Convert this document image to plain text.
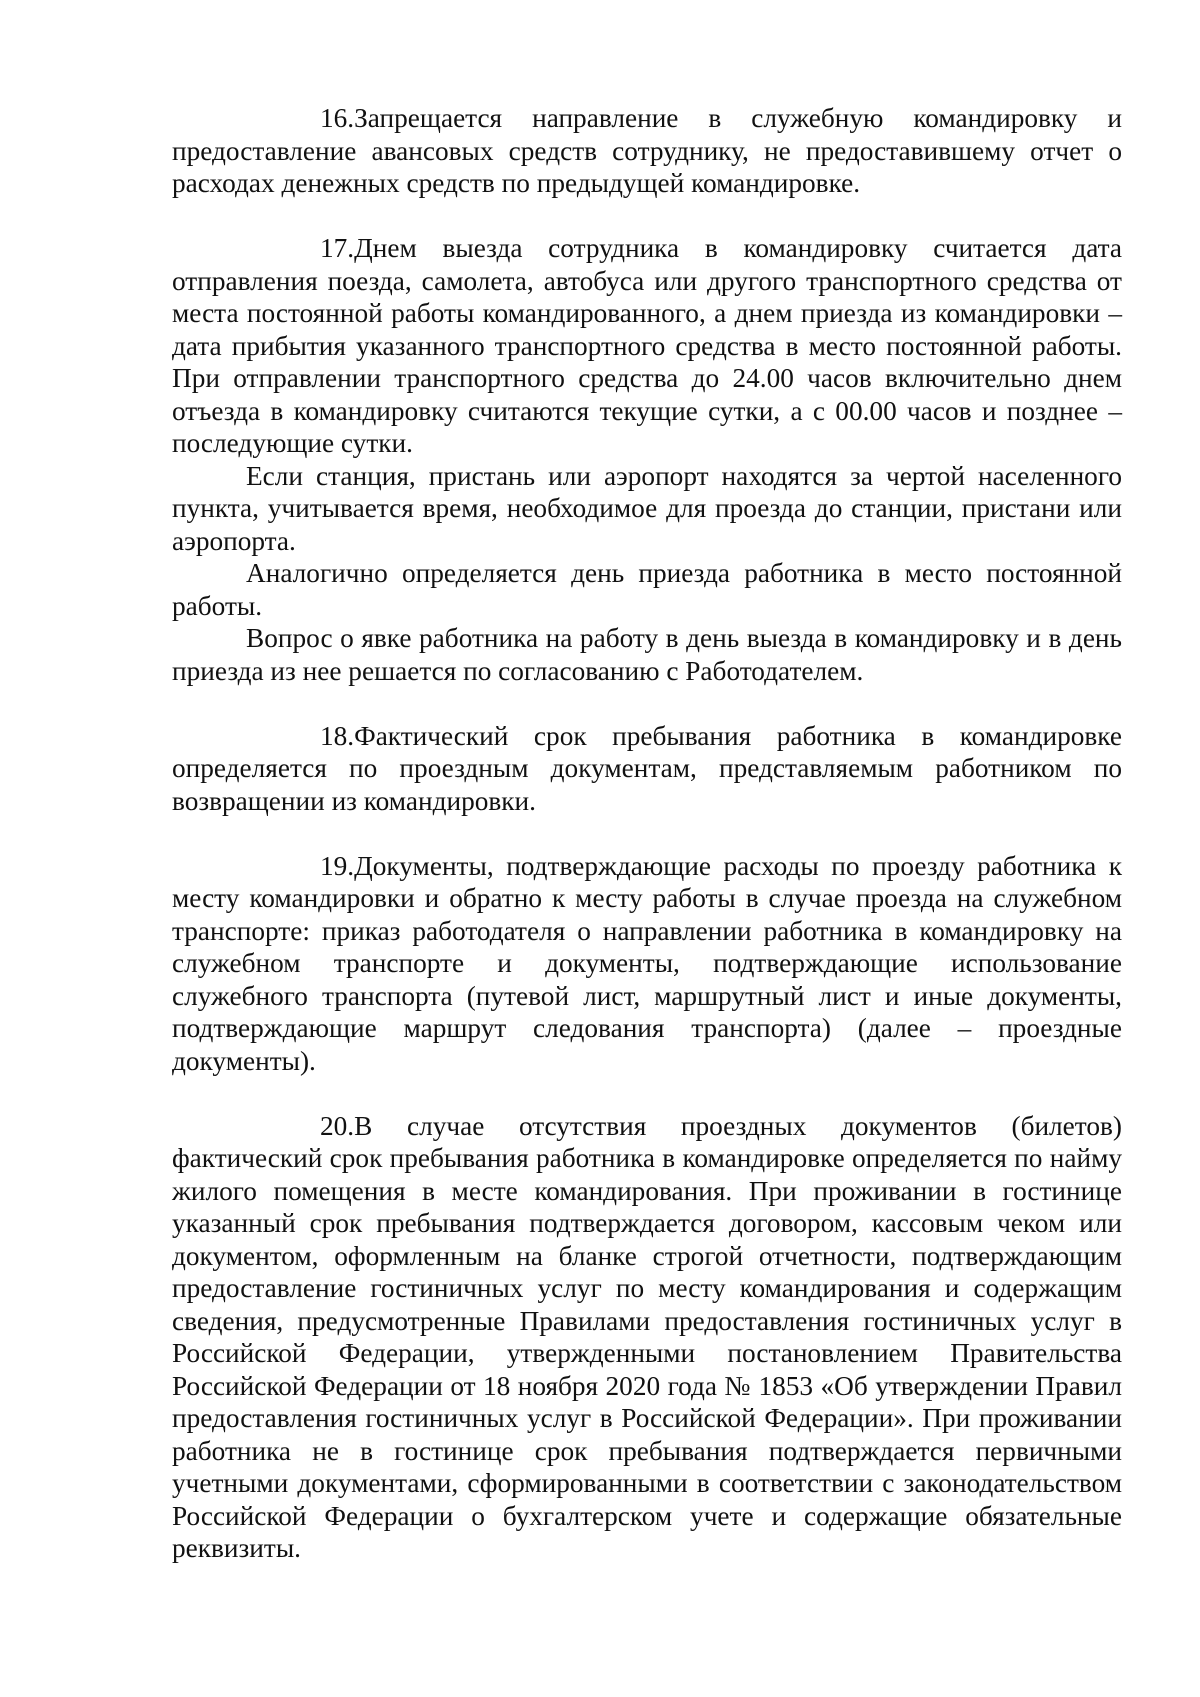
16.Запрещается направление в служебную командировку и предоставление авансовых средств сотруднику, не предоставившему отчет о расходах денежных средств по предыдущей командировке.

17.Днем выезда сотрудника в командировку считается дата отправления поезда, самолета, автобуса или другого транспортного средства от места постоянной работы командированного, а днем приезда из командировки – дата прибытия указанного транспортного средства в место постоянной работы. При отправлении транспортного средства до 24.00 часов включительно днем отъезда в командировку считаются текущие сутки, а с 00.00 часов и позднее – последующие сутки.

Если станция, пристань или аэропорт находятся за чертой населенного пункта, учитывается время, необходимое для проезда до станции, пристани или аэропорта.

Аналогично определяется день приезда работника в место постоянной работы.

Вопрос о явке работника на работу в день выезда в командировку и в день приезда из нее решается по согласованию с Работодателем.

18.Фактический срок пребывания работника в командировке определяется по проездным документам, представляемым работником по возвращении из командировки.

19.Документы, подтверждающие расходы по проезду работника к месту командировки и обратно к месту работы в случае проезда на служебном транспорте: приказ работодателя о направлении работника в командировку на служебном транспорте и документы, подтверждающие использование служебного транспорта (путевой лист, маршрутный лист и иные документы, подтверждающие маршрут следования транспорта) (далее – проездные документы).

20.В случае отсутствия проездных документов (билетов) фактический срок пребывания работника в командировке определяется по найму жилого помещения в месте командирования. При проживании в гостинице указанный срок пребывания подтверждается договором, кассовым чеком или документом, оформленным на бланке строгой отчетности, подтверждающим предоставление гостиничных услуг по месту командирования и содержащим сведения, предусмотренные Правилами предоставления гостиничных услуг в Российской Федерации, утвержденными постановлением Правительства Российской Федерации от 18 ноября 2020 года № 1853 «Об утверждении Правил предоставления гостиничных услуг в Российской Федерации». При проживании работника не в гостинице срок пребывания подтверждается первичными учетными документами, сформированными в соответствии с законодательством Российской Федерации о бухгалтерском учете и содержащие обязательные реквизиты.
